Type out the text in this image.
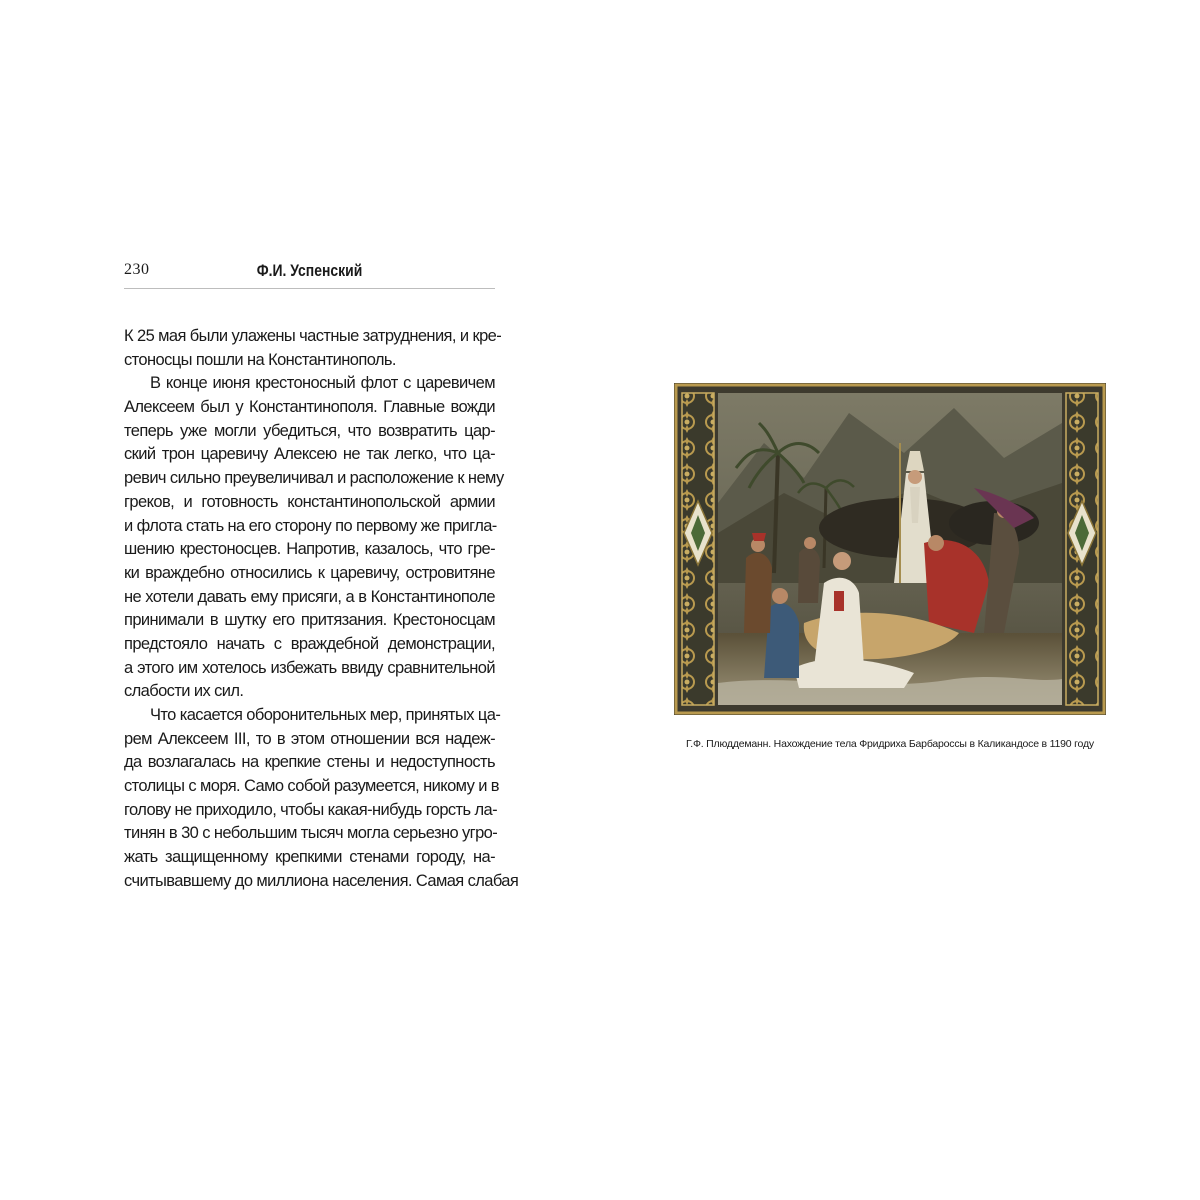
230	Ф.И. Успенский
К 25 мая были улажены частные затруднения, и кре-
стоносцы пошли на Константинополь.
В конце июня крестоносный флот с царевичем
Алексеем был у Константинополя. Главные вожди
теперь уже могли убедиться, что возвратить цар-
ский трон царевичу Алексею не так легко, что ца-
ревич сильно преувеличивал и расположение к нему
греков, и готовность константинопольской армии
и флота стать на его сторону по первому же пригла-
шению крестоносцев. Напротив, казалось, что гре-
ки враждебно относились к царевичу, островитяне
не хотели давать ему присяги, а в Константинополе
принимали в шутку его притязания. Крестоносцам
предстояло начать с враждебной демонстрации,
а этого им хотелось избежать ввиду сравнительной
слабости их сил.
Что касается оборонительных мер, принятых ца-
рем Алексеем III, то в этом отношении вся надеж-
да возлагалась на крепкие стены и недоступность
столицы с моря. Само собой разумеется, никому и в
голову не приходило, чтобы какая-нибудь горсть ла-
тинян в 30 с небольшим тысяч могла серьезно угро-
жать защищенному крепкими стенами городу, на-
считывавшему до миллиона населения. Самая слабая
Г.Ф. Плюддеманн. Нахождение тела Фридриха Барбароссы в Каликандосе в 1190 году
